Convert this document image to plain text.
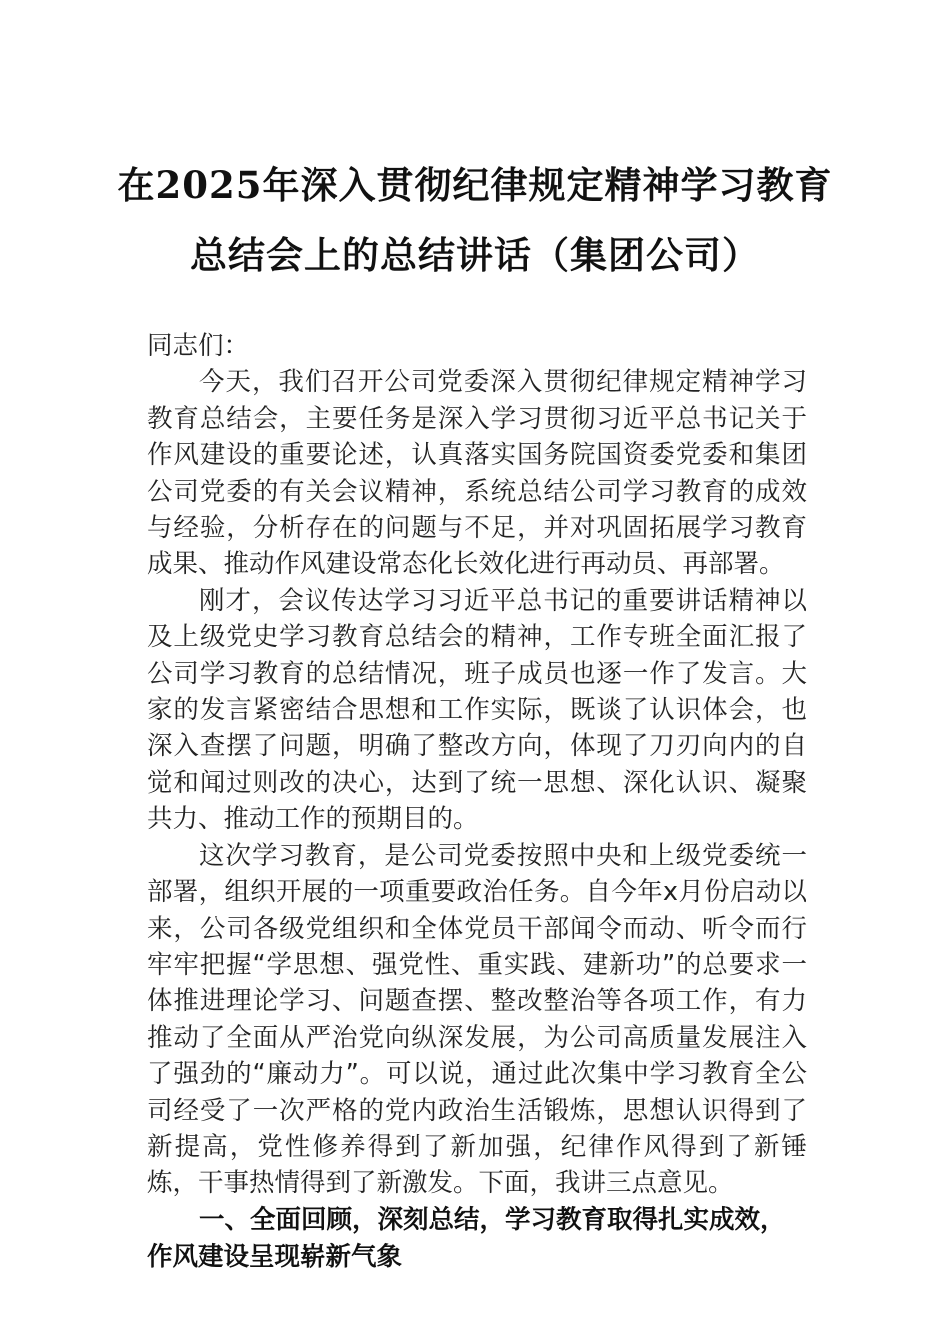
在2025年深入贯彻纪律规定精神学习教育
总结会上的总结讲话（集团公司）

同志们：

今天，我们召开公司党委深入贯彻纪律规定精神学习教育总结会，主要任务是深入学习贯彻习近平总书记关于作风建设的重要论述，认真落实国务院国资委党委和集团公司党委的有关会议精神，系统总结公司学习教育的成效与经验，分析存在的问题与不足，并对巩固拓展学习教育成果、推动作风建设常态化长效化进行再动员、再部署。

刚才，会议传达学习习近平总书记的重要讲话精神以及上级党史学习教育总结会的精神，工作专班全面汇报了公司学习教育的总结情况，班子成员也逐一作了发言。大家的发言紧密结合思想和工作实际，既谈了认识体会，也深入查摆了问题，明确了整改方向，体现了刀刃向内的自觉和闻过则改的决心，达到了统一思想、深化认识、凝聚共力、推动工作的预期目的。

这次学习教育，是公司党委按照中央和上级党委统一部署，组织开展的一项重要政治任务。自今年x月份启动以来，公司各级党组织和全体党员干部闻令而动、听令而行牢牢把握“学思想、强党性、重实践、建新功”的总要求一体推进理论学习、问题查摆、整改整治等各项工作，有力推动了全面从严治党向纵深发展，为公司高质量发展注入了强劲的“廉动力”。可以说，通过此次集中学习教育全公司经受了一次严格的党内政治生活锻炼，思想认识得到了新提高，党性修养得到了新加强，纪律作风得到了新锤炼，干事热情得到了新激发。下面，我讲三点意见。

一、全面回顾，深刻总结，学习教育取得扎实成效，作风建设呈现崭新气象
